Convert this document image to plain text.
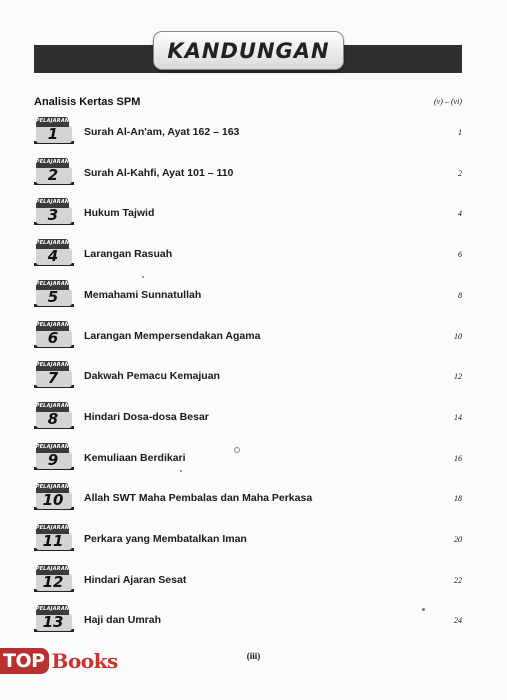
KANDUNGAN
Analisis Kertas SPM	(v) – (vi)
PELAJARAN
1	Surah Al-An'am, Ayat 162 – 163	1
PELAJARAN
2	Surah Al-Kahfi, Ayat 101 – 110	2
PELAJARAN
3	Hukum Tajwid	4
PELAJARAN
4	Larangan Rasuah	6
PELAJARAN
5	Memahami Sunnatullah	8
PELAJARAN
6	Larangan Mempersendakan Agama	10
PELAJARAN
7	Dakwah Pemacu Kemajuan	12
PELAJARAN
8	Hindari Dosa-dosa Besar	14
PELAJARAN
9	Kemuliaan Berdikari	16
PELAJARAN
10	Allah SWT Maha Pembalas dan Maha Perkasa	18
PELAJARAN
11	Perkara yang Membatalkan Iman	20
PELAJARAN
12	Hindari Ajaran Sesat	22
PELAJARAN
13	Haji dan Umrah	24
(iii)
TOP Books
